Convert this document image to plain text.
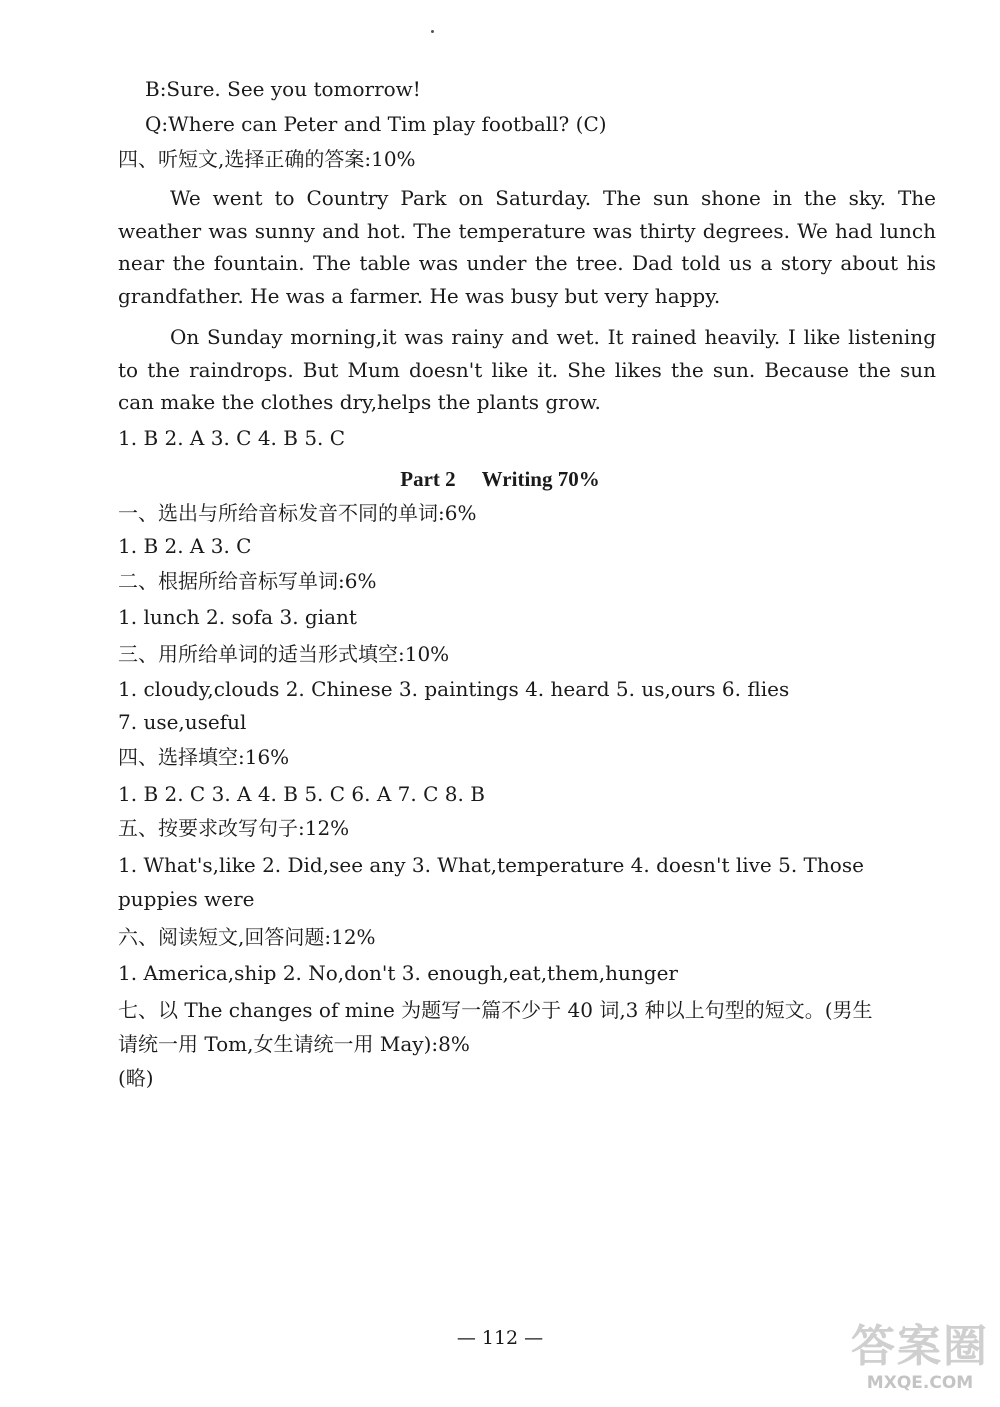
B:Sure. See you tomorrow!
Q:Where can Peter and Tim play football? (C)
四、听短文,选择正确的答案:10%
We went to Country Park on Saturday. The sun shone in the sky. The weather was sunny and hot. The temperature was thirty degrees. We had lunch near the fountain. The table was under the tree. Dad told us a story about his grandfather. He was a farmer. He was busy but very happy.
On Sunday morning,it was rainy and wet. It rained heavily. I like listening to the raindrops. But Mum doesn't like it. She likes the sun. Because the sun can make the clothes dry,helps the plants grow.
1. B 2. A 3. C 4. B 5. C
Part 2 Writing 70%
一、选出与所给音标发音不同的单词:6%
1. B 2. A 3. C
二、根据所给音标写单词:6%
1. lunch 2. sofa 3. giant
三、用所给单词的适当形式填空:10%
1. cloudy,clouds 2. Chinese 3. paintings 4. heard 5. us,ours 6. flies
7. use,useful
四、选择填空:16%
1. B 2. C 3. A 4. B 5. C 6. A 7. C 8. B
五、按要求改写句子:12%
1. What's,like 2. Did,see any 3. What,temperature 4. doesn't live 5. Those
puppies were
六、阅读短文,回答问题:12%
1. America,ship 2. No,don't 3. enough,eat,them,hunger
七、以 The changes of mine 为题写一篇不少于 40 词,3 种以上句型的短文。(男生
请统一用 Tom,女生请统一用 May):8%
(略)
— 112 —	答案圈
MXQE.COM
